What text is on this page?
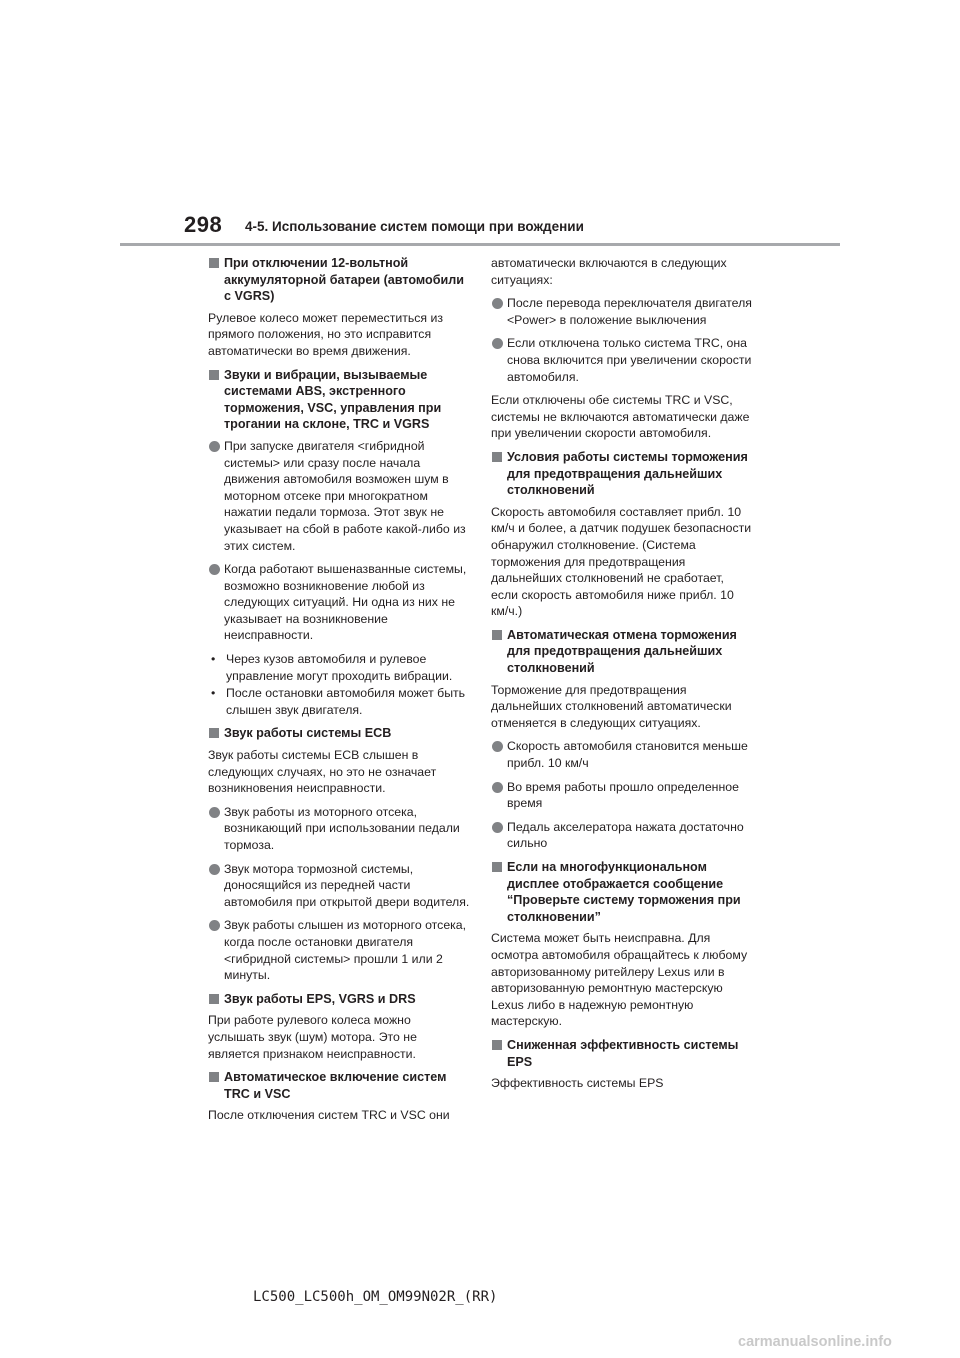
298 4-5. Использование систем помощи при вождении
При отключении 12-вольтной аккумуляторной батареи (автомобили с VGRS)
Рулевое колесо может переместиться из прямого положения, но это исправится автоматически во время движения.
Звуки и вибрации, вызываемые системами ABS, экстренного торможения, VSC, управления при трогании на склоне, TRC и VGRS
При запуске двигателя <гибридной системы> или сразу после начала движения автомобиля возможен шум в моторном отсеке при многократном нажатии педали тормоза. Этот звук не указывает на сбой в работе какой-либо из этих систем.
Когда работают вышеназванные системы, возможно возникновение любой из следующих ситуаций. Ни одна из них не указывает на возникновение неисправности.
• Через кузов автомобиля и рулевое управление могут проходить вибрации.
• После остановки автомобиля может быть слышен звук двигателя.
Звук работы системы ECB
Звук работы системы ECB слышен в следующих случаях, но это не означает возникновения неисправности.
Звук работы из моторного отсека, возникающий при использовании педали тормоза.
Звук мотора тормозной системы, доносящийся из передней части автомобиля при открытой двери водителя.
Звук работы слышен из моторного отсека, когда после остановки двигателя <гибридной системы> прошли 1 или 2 минуты.
Звук работы EPS, VGRS и DRS
При работе рулевого колеса можно услышать звук (шум) мотора. Это не является признаком неисправности.
Автоматическое включение систем TRC и VSC
После отключения систем TRC и VSC они
автоматически включаются в следующих ситуациях:
После перевода переключателя двигателя <Power> в положение выключения
Если отключена только система TRC, она снова включится при увеличении скорости автомобиля.
Если отключены обе системы TRC и VSC, системы не включаются автоматически даже при увеличении скорости автомобиля.
Условия работы системы торможения для предотвращения дальнейших столкновений
Скорость автомобиля составляет прибл. 10 км/ч и более, а датчик подушек безопасности обнаружил столкновение. (Система торможения для предотвращения дальнейших столкновений не сработает, если скорость автомобиля ниже прибл. 10 км/ч.)
Автоматическая отмена торможения для предотвращения дальнейших столкновений
Торможение для предотвращения дальнейших столкновений автоматически отменяется в следующих ситуациях.
Скорость автомобиля становится меньше прибл. 10 км/ч
Во время работы прошло определенное время
Педаль акселератора нажата достаточно сильно
Если на многофункциональном дисплее отображается сообщение “Проверьте систему торможения при столкновении”
Система может быть неисправна. Для осмотра автомобиля обращайтесь к любому авторизованному ритейлеру Lexus или в авторизованную ремонтную мастерскую Lexus либо в надежную ремонтную мастерскую.
Сниженная эффективность системы EPS
Эффективность системы EPS
LC500_LC500h_OM_OM99N02R_(RR)
carmanualsonline.info
